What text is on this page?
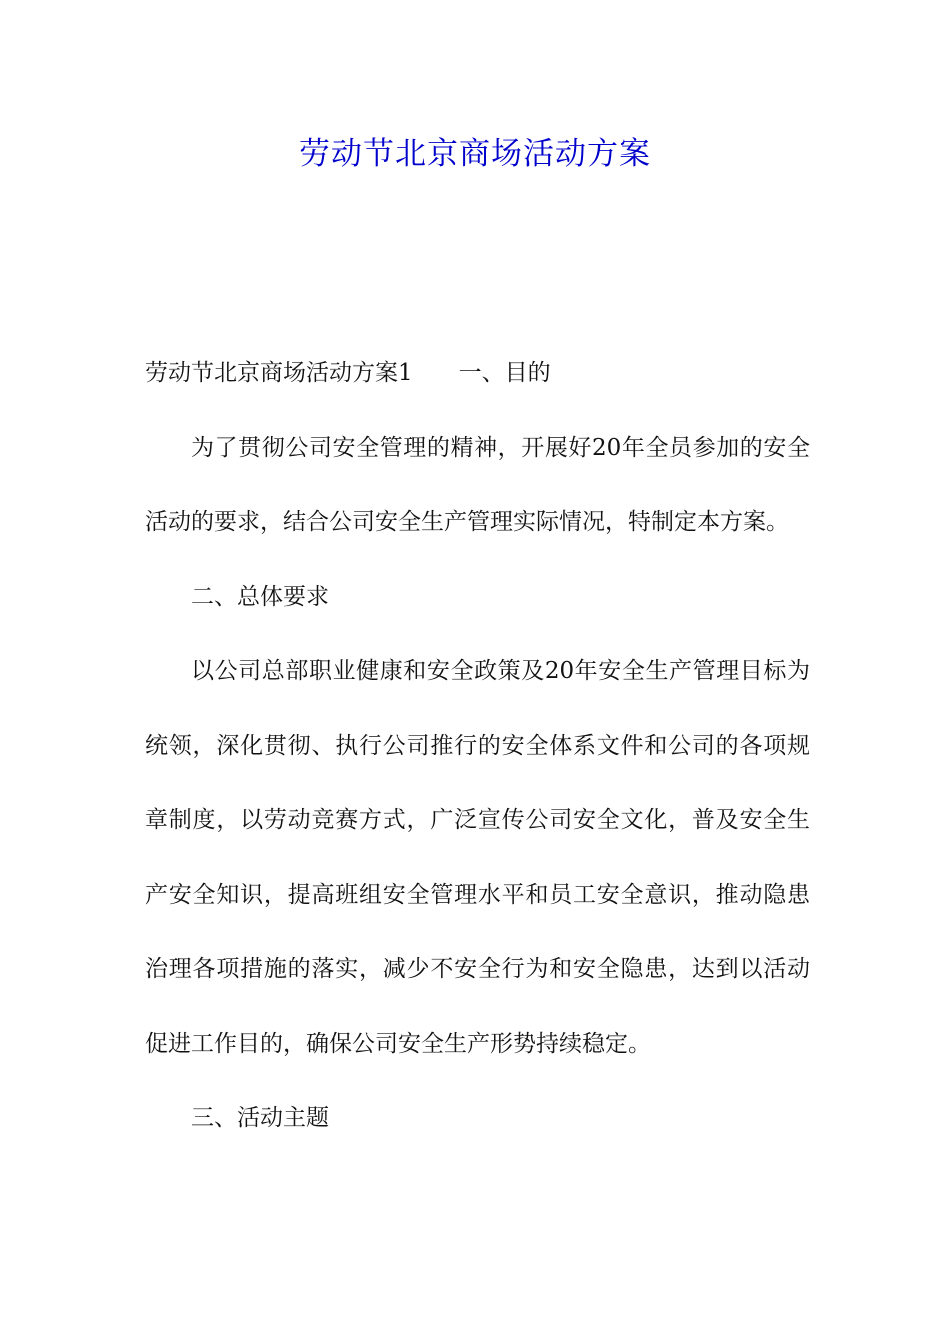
劳动节北京商场活动方案

劳动节北京商场活动方案1 一、目的

为了贯彻公司安全管理的精神，开展好20年全员参加的安全活动的要求，结合公司安全生产管理实际情况，特制定本方案。

二、总体要求

以公司总部职业健康和安全政策及20年安全生产管理目标为统领，深化贯彻、执行公司推行的安全体系文件和公司的各项规章制度，以劳动竞赛方式，广泛宣传公司安全文化，普及安全生产安全知识，提高班组安全管理水平和员工安全意识，推动隐患治理各项措施的落实，减少不安全行为和安全隐患，达到以活动促进工作目的，确保公司安全生产形势持续稳定。

三、活动主题
